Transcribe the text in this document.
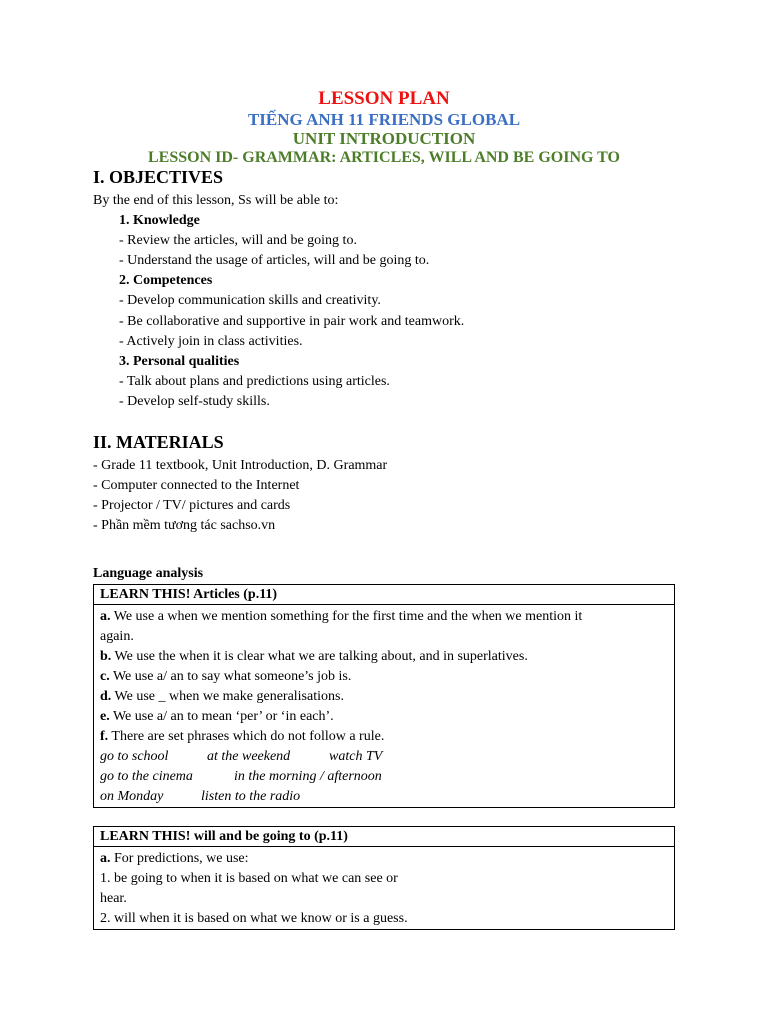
LESSON PLAN
TIẾNG ANH 11 FRIENDS GLOBAL
UNIT INTRODUCTION
LESSON ID- GRAMMAR: ARTICLES, WILL AND BE GOING TO
I. OBJECTIVES
By the end of this lesson, Ss will be able to:
1. Knowledge
- Review the articles, will and be going to.
- Understand the usage of articles, will and be going to.
2. Competences
- Develop communication skills and creativity.
- Be collaborative and supportive in pair work and teamwork.
- Actively join in class activities.
3. Personal qualities
- Talk about plans and predictions using articles.
- Develop self-study skills.
II. MATERIALS
- Grade 11 textbook, Unit Introduction, D. Grammar
- Computer connected to the Internet
- Projector / TV/ pictures and cards
- Phần mềm tương tác sachso.vn
Language analysis
LEARN THIS! Articles (p.11)
a. We use a when we mention something for the first time and the when we mention it
again.
b. We use the when it is clear what we are talking about, and in superlatives.
c. We use a/ an to say what someone’s job is.
d. We use _ when we make generalisations.
e. We use a/ an to mean ‘per’ or ‘in each’.
f. There are set phrases which do not follow a rule.
go to school	at the weekend	watch TV
go to the cinema	in the morning / afternoon
on Monday	listen to the radio
LEARN THIS! will and be going to (p.11)
a. For predictions, we use:
1. be going to when it is based on what we can see or
hear.
2. will when it is based on what we know or is a guess.
